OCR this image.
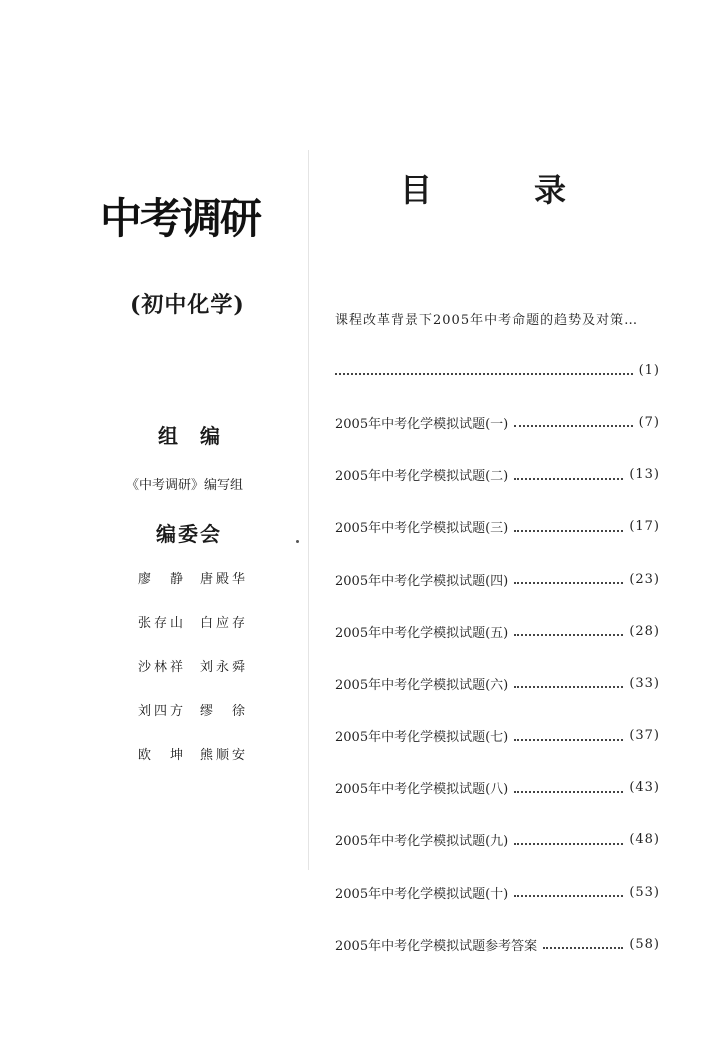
中考调研
(初中化学)
组编
《中考调研》编写组
编委会
廖　静 唐殿华
张存山 白应存
沙林祥 刘永舜
刘四方 缪　徐
欧　坤 熊顺安
目	录
课程改革背景下2005年中考命题的趋势及对策…
(1)
2005年中考化学模拟试题(一)	(7)
2005年中考化学模拟试题(二)	(13)
2005年中考化学模拟试题(三)	(17)
2005年中考化学模拟试题(四)	(23)
2005年中考化学模拟试题(五)	(28)
2005年中考化学模拟试题(六)	(33)
2005年中考化学模拟试题(七)	(37)
2005年中考化学模拟试题(八)	(43)
2005年中考化学模拟试题(九)	(48)
2005年中考化学模拟试题(十)	(53)
2005年中考化学模拟试题参考答案	(58)
